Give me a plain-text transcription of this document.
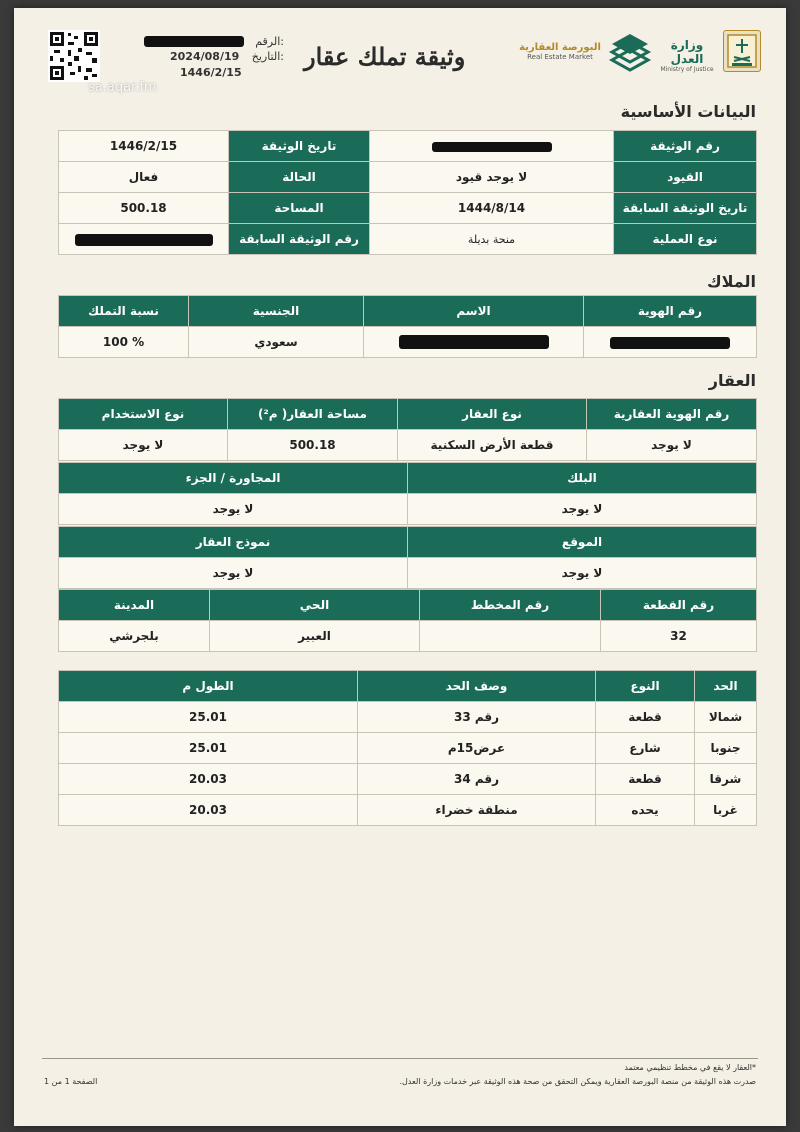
sa.aqar.fm
الرقم:
2024/08/19	التاريخ:
1446/2/15
وثيقة تملك عقار	البورصة العقارية
Real Estate Market
وزارة العدل
Ministry of Justice
البيانات الأساسية
رقم الوثيقة		تاريخ الوثيقة	1446/2/15
القيود	لا يوجد قيود	الحالة	فعال
تاريخ الوثيقة السابقة	1444/8/14	المساحة	500.18
نوع العملية	منحة بديلة	رقم الوثيقة السابقة	
الملاك
رقم الهوية	الاسم	الجنسية	نسبة التملك
		سعودي	100 %
العقار
رقم الهوية العقارية	نوع العقار	مساحة العقار( م²)	نوع الاستخدام
لا يوجد	قطعة الأرض السكنية	500.18	لا يوجد
البلك	المجاورة / الجزء
لا يوجد	لا يوجد
الموقع	نموذج العقار
لا يوجد	لا يوجد
رقم القطعة	رقم المخطط	الحي	المدينة
32		العبير	بلجرشي
الحد	النوع	وصف الحد	الطول م
شمالا	قطعة	رقم 33	25.01
جنوبا	شارع	عرض15م	25.01
شرقا	قطعة	رقم 34	20.03
غربا	يحده	منطقة خضراء	20.03
*العقار لا يقع في مخطط تنظيمي معتمد
صدرت هذه الوثيقة من منصة البورصة العقارية ويمكن التحقق من صحة هذه الوثيقة عبر خدمات وزارة العدل.
الصفحة 1 من 1
